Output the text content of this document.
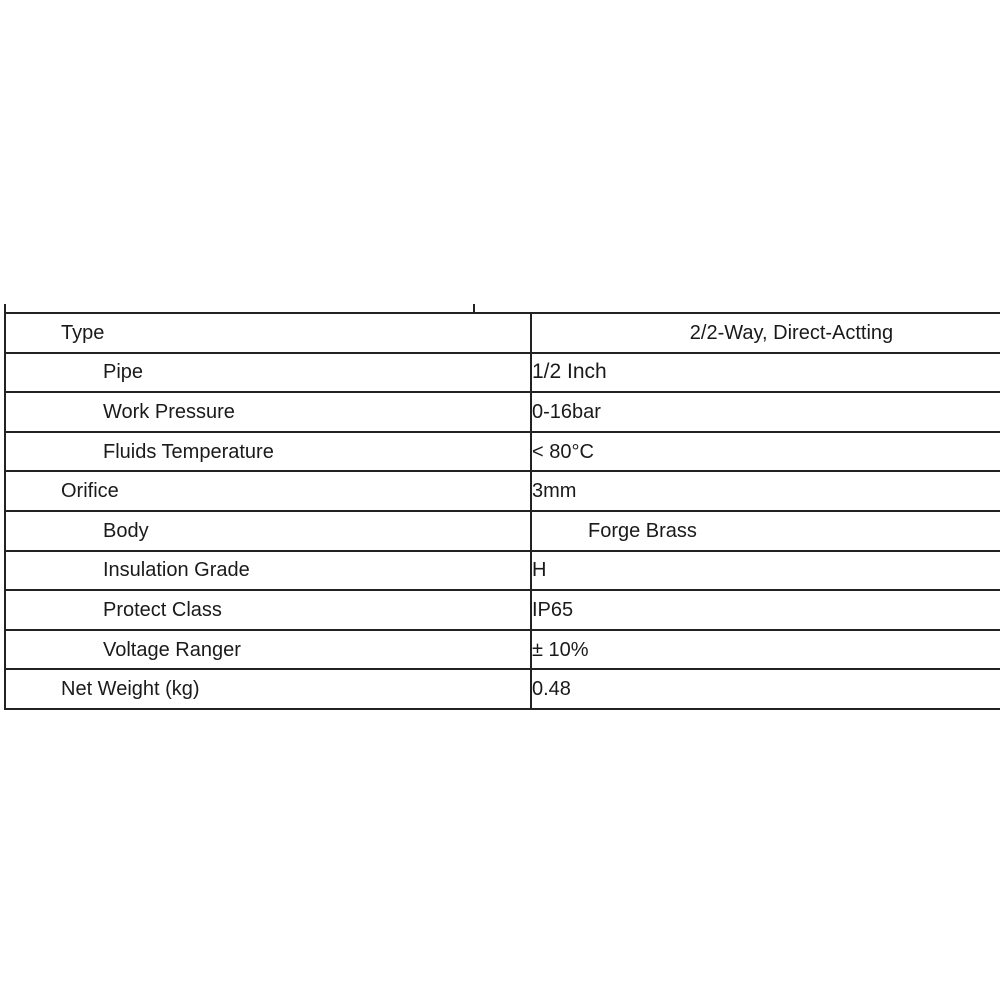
Type	2/2-Way, Direct-Actting
Pipe	1/2 Inch
Work Pressure	0-16bar
Fluids Temperature	< 80°C
Orifice	3mm
Body	Forge Brass
Insulation Grade	H
Protect Class	IP65
Voltage Ranger	± 10%
Net Weight (kg)	0.48
